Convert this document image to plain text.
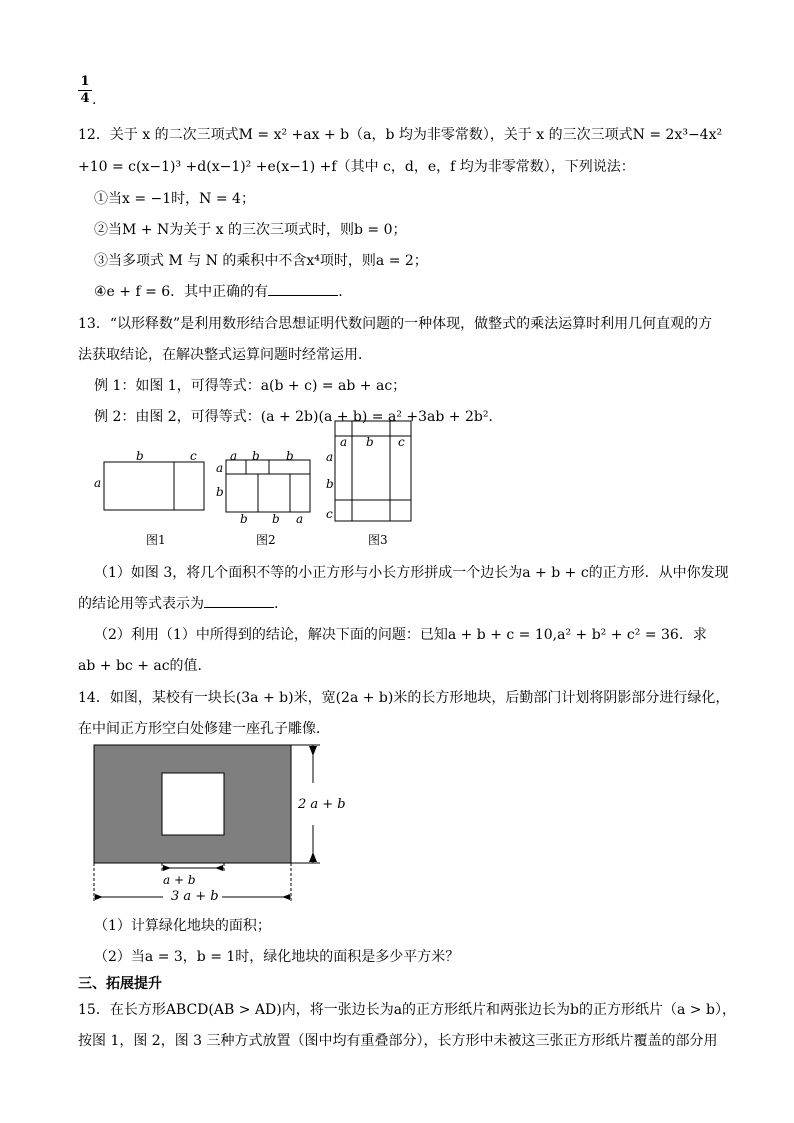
1
4 .
12．关于 x 的二次三项式M = x² +ax + b（a，b 均为非零常数），关于 x 的三次三项式N = 2x³−4x²
+10 = c(x−1)³ +d(x−1)² +e(x−1) +f（其中 c，d，e，f 均为非零常数），下列说法：
①当x = −1时，N = 4；
②当M + N为关于 x 的三次三项式时，则b = 0；
③当多项式 M 与 N 的乘积中不含x⁴项时，则a = 2；
④e + f = 6．其中正确的有	.
13．“以形释数”是利用数形结合思想证明代数问题的一种体现，做整式的乘法运算时利用几何直观的方
法获取结论，在解决整式运算问题时经常运用．
例 1：如图 1，可得等式：a(b + c) = ab + ac；
例 2：由图 2，可得等式：(a + 2b)(a + b) = a² +3ab + 2b²．
b	c
a
图1
a b b
a
b
b b a
图2
a b c
a
b
c
图3
（1）如图 3，将几个面积不等的小正方形与小长方形拼成一个边长为a + b + c的正方形．从中你发现
的结论用等式表示为	.
（2）利用（1）中所得到的结论，解决下面的问题：已知a + b + c = 10,a² + b² + c² = 36．求
ab + bc + ac的值．
14．如图，某校有一块长(3a + b)米，宽(2a + b)米的长方形地块，后勤部门计划将阴影部分进行绿化，
在中间正方形空白处修建一座孔子雕像．
2 a + b
a + b
3 a + b
（1）计算绿化地块的面积；
（2）当a = 3，b = 1时，绿化地块的面积是多少平方米？
三、拓展提升
15．在长方形ABCD(AB > AD)内，将一张边长为a的正方形纸片和两张边长为b的正方形纸片（a > b），
按图 1，图 2，图 3 三种方式放置（图中均有重叠部分），长方形中未被这三张正方形纸片覆盖的部分用
